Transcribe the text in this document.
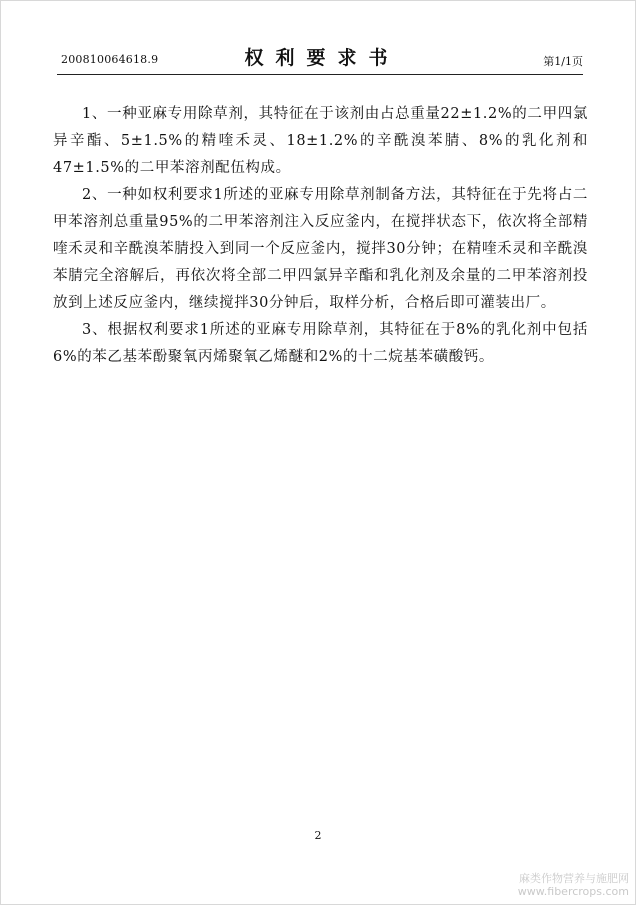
200810064618.9	权利要求书	第1/1页

1、一种亚麻专用除草剂，其特征在于该剂由占总重量22±1.2%的二甲四氯异辛酯、5±1.5%的精喹禾灵、18±1.2%的辛酰溴苯腈、8%的乳化剂和47±1.5%的二甲苯溶剂配伍构成。

2、一种如权利要求1所述的亚麻专用除草剂制备方法，其特征在于先将占二甲苯溶剂总重量95%的二甲苯溶剂注入反应釜内，在搅拌状态下，依次将全部精喹禾灵和辛酰溴苯腈投入到同一个反应釜内，搅拌30分钟；在精喹禾灵和辛酰溴苯腈完全溶解后，再依次将全部二甲四氯异辛酯和乳化剂及余量的二甲苯溶剂投放到上述反应釜内，继续搅拌30分钟后，取样分析，合格后即可灌装出厂。

3、根据权利要求1所述的亚麻专用除草剂，其特征在于8%的乳化剂中包括6%的苯乙基苯酚聚氧丙烯聚氧乙烯醚和2%的十二烷基苯磺酸钙。

2
麻类作物营养与施肥网
www.fibercrops.com
